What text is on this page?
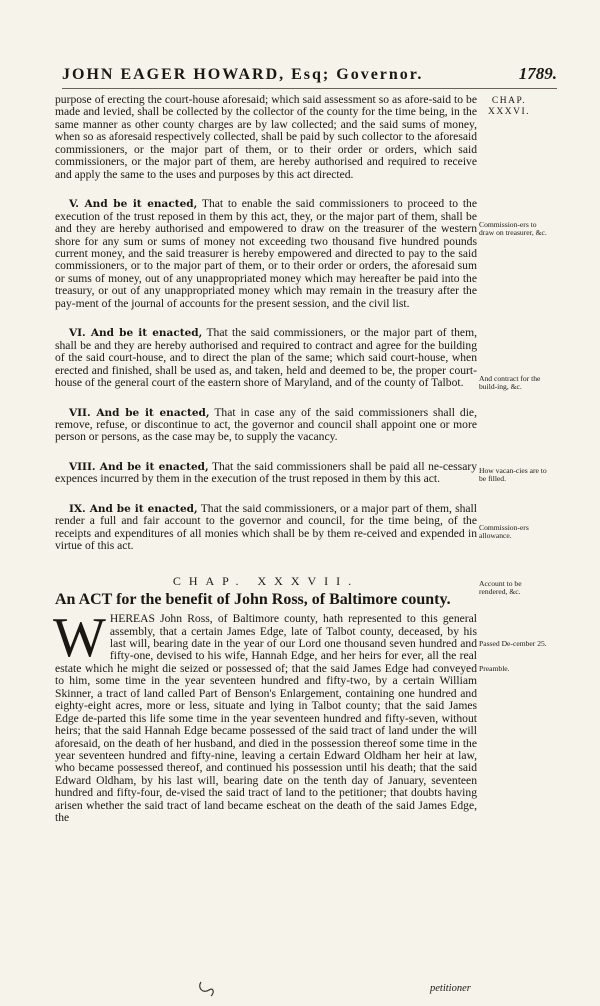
JOHN EAGER HOWARD, Esq; Governor.	1789.
CHAP. XXXVI.
Commission-ers to draw on treasurer, &c.
And contract for the build-ing, &c.
How vacan-cies are to be filled.
Commission-ers allowance.
Account to be rendered, &c.
Passed De-cember 25.
Preamble.

purpose of erecting the court-house aforesaid; which said assessment so as afore-said to be made and levied, shall be collected by the collector of the county for the time being, in the same manner as other county charges are by law collected; and the said sums of money, when so as aforesaid respectively collected, shall be paid by such collector to the aforesaid commissioners, or the major part of them, or to their order or orders, which said commissioners, or the major part of them, are hereby authorised and required to receive and apply the same to the uses and purposes by this act directed.

V. And be it enacted, That to enable the said commissioners to proceed to the execution of the trust reposed in them by this act, they, or the major part of them, shall be and they are hereby authorised and empowered to draw on the treasurer of the western shore for any sum or sums of money not exceeding two thousand five hundred pounds current money, and the said treasurer is hereby empowered and directed to pay to the said commissioners, or to the major part of them, or to their order or orders, the aforesaid sum or sums of money, out of any unappropriated money which may hereafter be paid into the treasury, or out of any unappropriated money which may remain in the treasury after the pay-ment of the journal of accounts for the present session, and the civil list.

VI. And be it enacted, That the said commissioners, or the major part of them, shall be and they are hereby authorised and required to contract and agree for the building of the said court-house, and to direct the plan of the same; which said court-house, when erected and finished, shall be used as, and taken, held and deemed to be, the proper court-house of the general court of the eastern shore of Maryland, and of the county of Talbot.

VII. And be it enacted, That in case any of the said commissioners shall die, remove, refuse, or discontinue to act, the governor and council shall appoint one or more person or persons, as the case may be, to supply the vacancy.

VIII. And be it enacted, That the said commissioners shall be paid all ne-cessary expences incurred by them in the execution of the trust reposed in them by this act.

IX. And be it enacted, That the said commissioners, or a major part of them, shall render a full and fair account to the governor and council, for the time being, of the receipts and expenditures of all monies which shall be by them re-ceived and expended in virtue of this act.

CHAP. XXXVII.
An ACT for the benefit of John Ross, of Baltimore county.
W HEREAS John Ross, of Baltimore county, hath represented to this general assembly, that a certain James Edge, late of Talbot county, deceased, by his last will, bearing date in the year of our Lord one thousand seven hundred and fifty-one, devised to his wife, Hannah Edge, and her heirs for ever, all the real estate which he might die seized or possessed of; that the said James Edge had conveyed to him, some time in the year seventeen hundred and fifty-two, by a certain William Skinner, a tract of land called Part of Benson's Enlargement, containing one hundred and eighty-eight acres, more or less, situate and lying in Talbot county; that the said James Edge de-parted this life some time in the year seventeen hundred and fifty-seven, without heirs; that the said Hannah Edge became possessed of the said tract of land under the will aforesaid, on the death of her husband, and died in the possession thereof some time in the year seventeen hundred and fifty-nine, leaving a certain Edward Oldham her heir at law, who became possessed thereof, and continued his possession until his death; that the said Edward Oldham, by his last will, bearing date on the tenth day of January, seventeen hundred and fifty-four, de-vised the said tract of land to the petitioner; that doubts having arisen whether the said tract of land became escheat on the death of the said James Edge, the
petitioner
